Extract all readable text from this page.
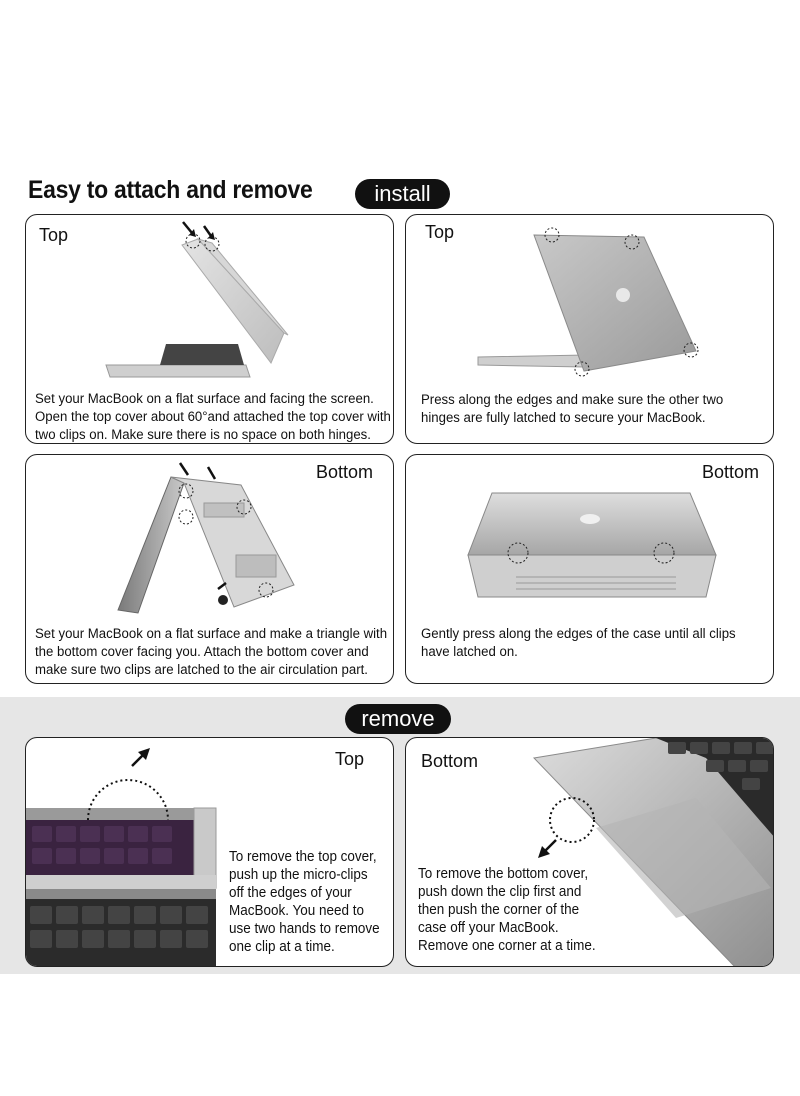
Easy to attach and remove	install
Top
Set your MacBook on a flat surface and facing the screen.
Open the top cover about 60°and attached the top cover with
two clips on. Make sure there is no space on both hinges.
Top
Press along the edges and make sure the other two
hinges are fully latched to secure your MacBook.
Bottom
Set your MacBook on a flat surface and make a triangle with
the bottom cover facing you. Attach the bottom cover and
make sure two clips are latched to the air circulation part.
Bottom
Gently press along the edges of the case until all clips
have latched on.
remove
Top
To remove the top cover,
push up the micro-clips
off the edges of your
MacBook. You need to
use two hands to remove
one clip at a time.
Bottom
To remove the bottom cover,
push down the clip first and
then push the corner of the
case off your MacBook.
Remove one corner at a time.
